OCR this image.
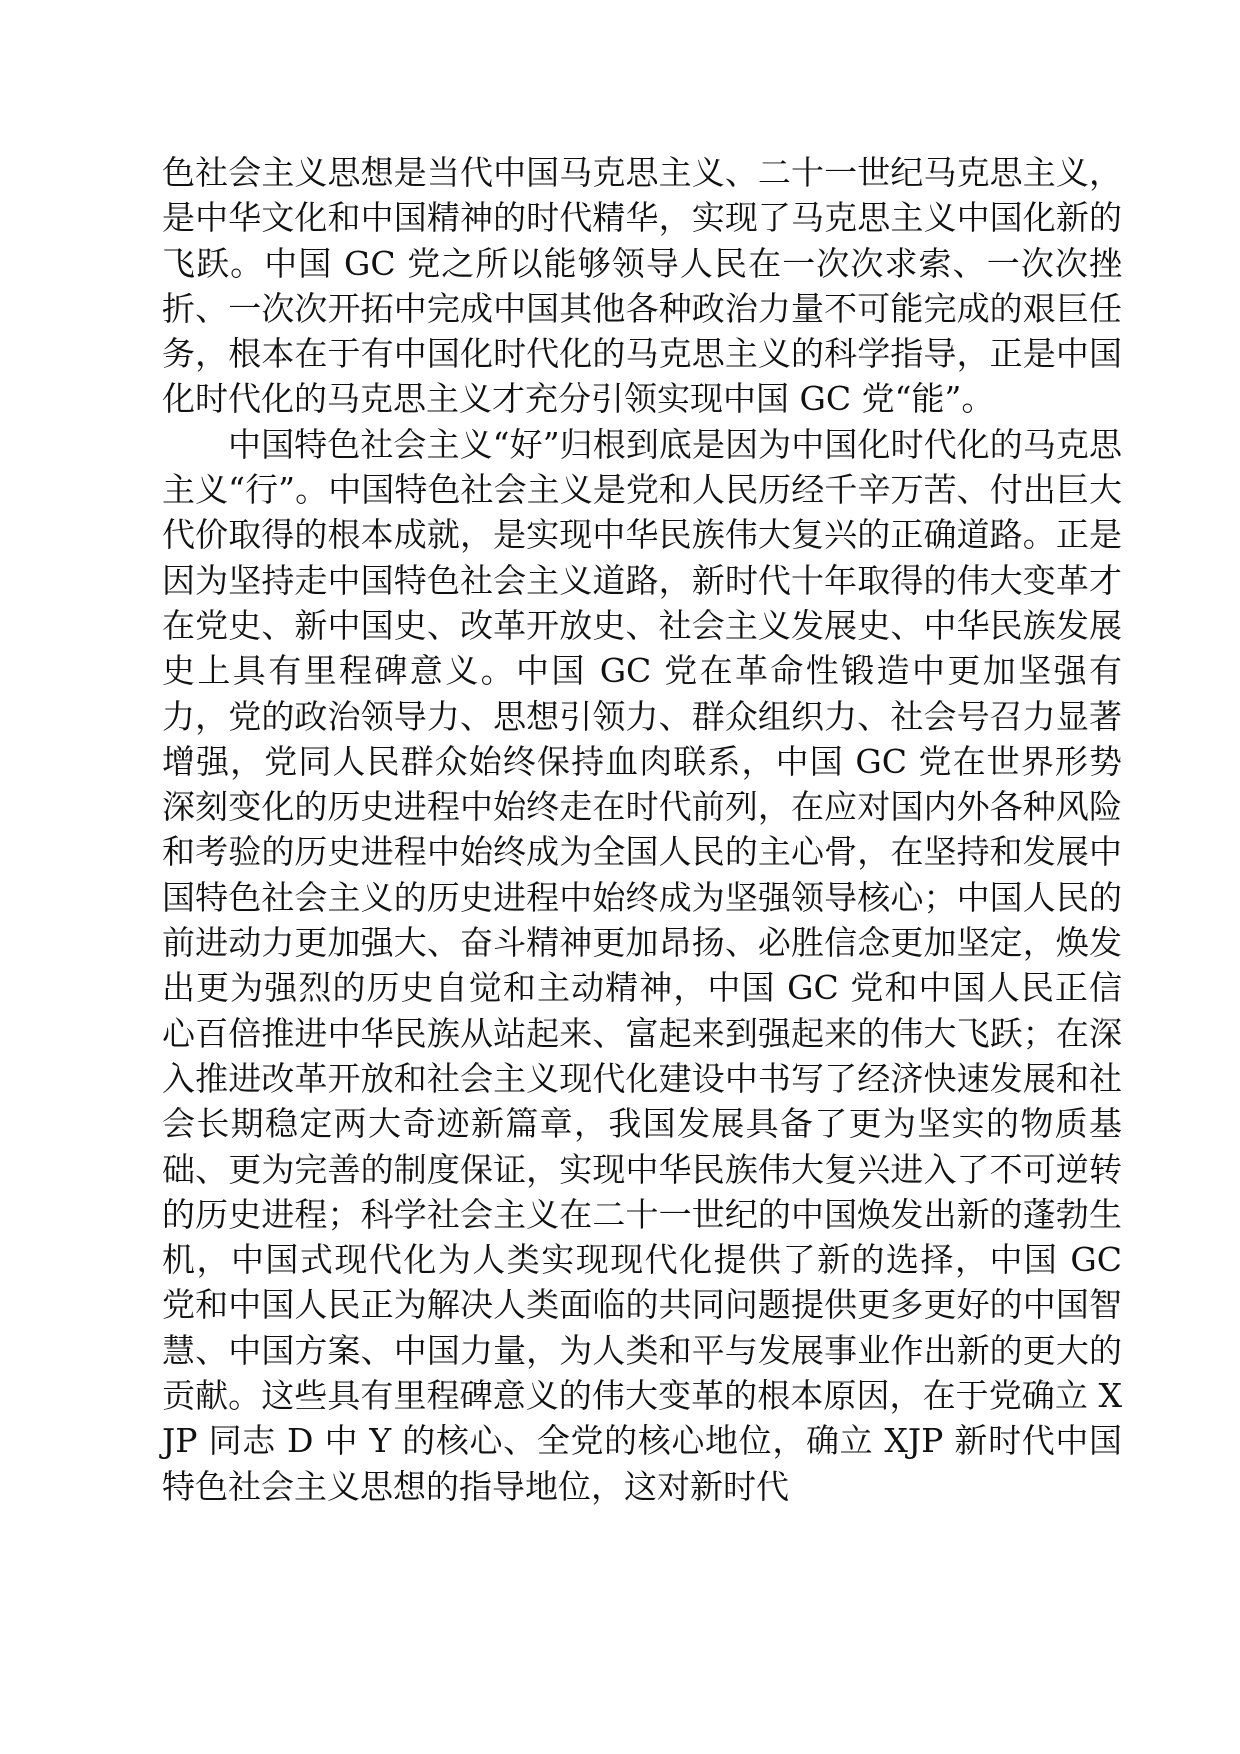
色社会主义思想是当代中国马克思主义、二十一世纪马克思主义，是中华文化和中国精神的时代精华，实现了马克思主义中国化新的飞跃。中国 GC 党之所以能够领导人民在一次次求索、一次次挫折、一次次开拓中完成中国其他各种政治力量不可能完成的艰巨任务，根本在于有中国化时代化的马克思主义的科学指导，正是中国化时代化的马克思主义才充分引领实现中国 GC 党“能”。

中国特色社会主义“好”归根到底是因为中国化时代化的马克思主义“行”。中国特色社会主义是党和人民历经千辛万苦、付出巨大代价取得的根本成就，是实现中华民族伟大复兴的正确道路。正是因为坚持走中国特色社会主义道路，新时代十年取得的伟大变革才在党史、新中国史、改革开放史、社会主义发展史、中华民族发展史上具有里程碑意义。中国 GC 党在革命性锻造中更加坚强有力，党的政治领导力、思想引领力、群众组织力、社会号召力显著增强，党同人民群众始终保持血肉联系，中国 GC 党在世界形势深刻变化的历史进程中始终走在时代前列，在应对国内外各种风险和考验的历史进程中始终成为全国人民的主心骨，在坚持和发展中国特色社会主义的历史进程中始终成为坚强领导核心；中国人民的前进动力更加强大、奋斗精神更加昂扬、必胜信念更加坚定，焕发出更为强烈的历史自觉和主动精神，中国 GC 党和中国人民正信心百倍推进中华民族从站起来、富起来到强起来的伟大飞跃；在深入推进改革开放和社会主义现代化建设中书写了经济快速发展和社会长期稳定两大奇迹新篇章，我国发展具备了更为坚实的物质基础、更为完善的制度保证，实现中华民族伟大复兴进入了不可逆转的历史进程；科学社会主义在二十一世纪的中国焕发出新的蓬勃生机，中国式现代化为人类实现现代化提供了新的选择，中国 GC 党和中国人民正为解决人类面临的共同问题提供更多更好的中国智慧、中国方案、中国力量，为人类和平与发展事业作出新的更大的贡献。这些具有里程碑意义的伟大变革的根本原因，在于党确立 XJP 同志 D 中 Y 的核心、全党的核心地位，确立 XJP 新时代中国特色社会主义思想的指导地位，这对新时代
